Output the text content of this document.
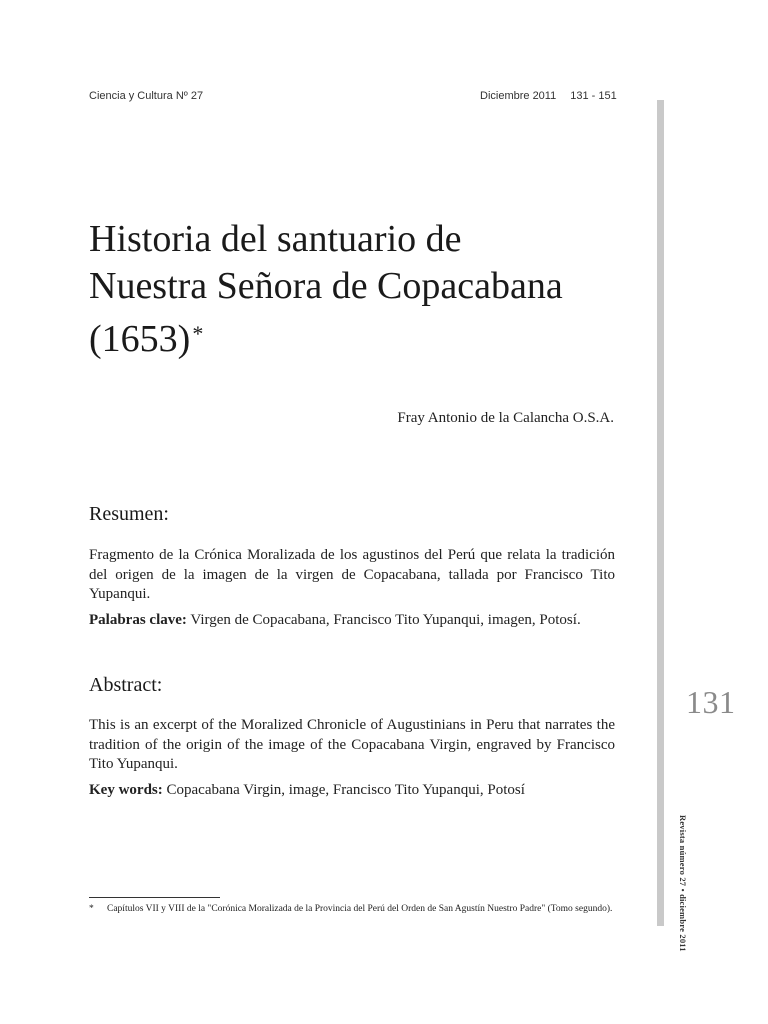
Ciencia y Cultura Nº 27	Diciembre 2011 131 - 151
131
Revista número 27 • diciembre 2011
Historia del santuario de
Nuestra Señora de Copacabana
(1653)*
Fray Antonio de la Calancha O.S.A.
Resumen:

Fragmento de la Crónica Moralizada de los agustinos del Perú que relata la tradición del origen de la imagen de la virgen de Copacabana, tallada por Francisco Tito Yupanqui.

Palabras clave: Virgen de Copacabana, Francisco Tito Yupanqui, imagen, Potosí.

Abstract:

This is an excerpt of the Moralized Chronicle of Augustinians in Peru that narrates the tradition of the origin of the image of the Copacabana Virgin, engraved by Francisco Tito Yupanqui.

Key words: Copacabana Virgin, image, Francisco Tito Yupanqui, Potosí

* Capítulos VII y VIII de la "Corónica Moralizada de la Provincia del Perú del Orden de San Agustín Nuestro Padre" (Tomo segundo).
